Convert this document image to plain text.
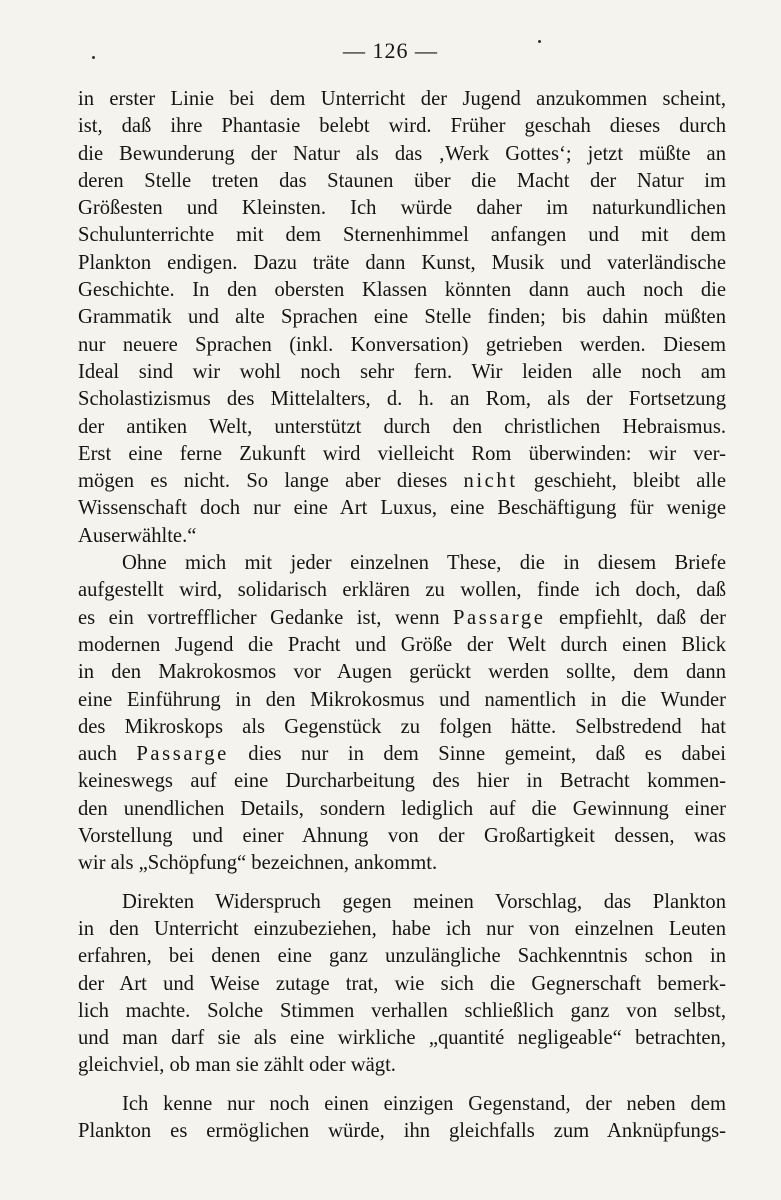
— 126 —
in erster Linie bei dem Unterricht der Jugend anzukommen scheint,
ist, daß ihre Phantasie belebt wird. Früher geschah dieses durch
die Bewunderung der Natur als das ‚Werk Gottes‘; jetzt müßte an
deren Stelle treten das Staunen über die Macht der Natur im
Größesten und Kleinsten. Ich würde daher im naturkundlichen
Schulunterrichte mit dem Sternenhimmel anfangen und mit dem
Plankton endigen. Dazu träte dann Kunst, Musik und vaterländische
Geschichte. In den obersten Klassen könnten dann auch noch die
Grammatik und alte Sprachen eine Stelle finden; bis dahin müßten
nur neuere Sprachen (inkl. Konversation) getrieben werden. Diesem
Ideal sind wir wohl noch sehr fern. Wir leiden alle noch am
Scholastizismus des Mittelalters, d. h. an Rom, als der Fortsetzung
der antiken Welt, unterstützt durch den christlichen Hebraismus.
Erst eine ferne Zukunft wird vielleicht Rom überwinden: wir ver-
mögen es nicht. So lange aber dieses nicht geschieht, bleibt alle
Wissenschaft doch nur eine Art Luxus, eine Beschäftigung für wenige
Auserwählte.“
Ohne mich mit jeder einzelnen These, die in diesem Briefe
aufgestellt wird, solidarisch erklären zu wollen, finde ich doch, daß
es ein vortrefflicher Gedanke ist, wenn Passarge empfiehlt, daß der
modernen Jugend die Pracht und Größe der Welt durch einen Blick
in den Makrokosmos vor Augen gerückt werden sollte, dem dann
eine Einführung in den Mikrokosmus und namentlich in die Wunder
des Mikroskops als Gegenstück zu folgen hätte. Selbstredend hat
auch Passarge dies nur in dem Sinne gemeint, daß es dabei
keineswegs auf eine Durcharbeitung des hier in Betracht kommen-
den unendlichen Details, sondern lediglich auf die Gewinnung einer
Vorstellung und einer Ahnung von der Großartigkeit dessen, was
wir als „Schöpfung“ bezeichnen, ankommt.
Direkten Widerspruch gegen meinen Vorschlag, das Plankton
in den Unterricht einzubeziehen, habe ich nur von einzelnen Leuten
erfahren, bei denen eine ganz unzulängliche Sachkenntnis schon in
der Art und Weise zutage trat, wie sich die Gegnerschaft bemerk-
lich machte. Solche Stimmen verhallen schließlich ganz von selbst,
und man darf sie als eine wirkliche „quantité negligeable“ betrachten,
gleichviel, ob man sie zählt oder wägt.
Ich kenne nur noch einen einzigen Gegenstand, der neben dem
Plankton es ermöglichen würde, ihn gleichfalls zum Anknüpfungs-
